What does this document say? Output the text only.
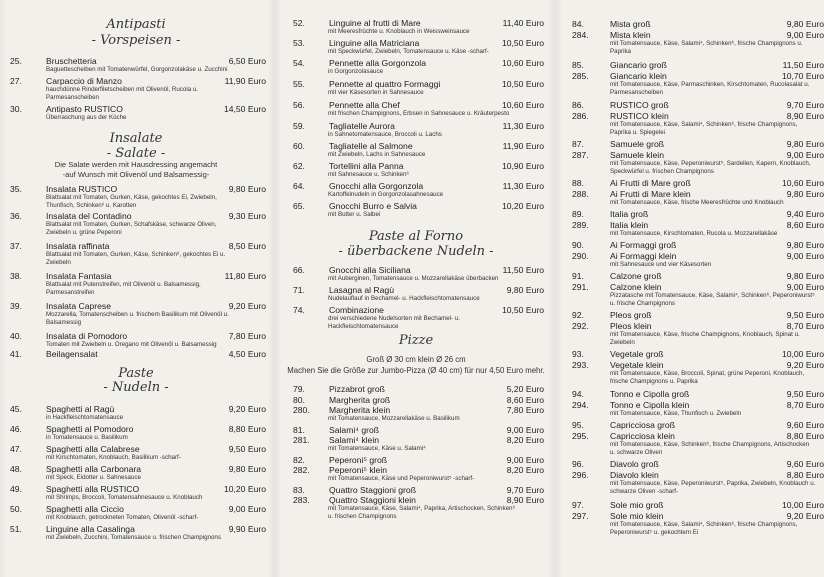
Antipasti
- Vorspeisen -
25.	Bruschetteria	6,50 Euro
Baguettescheiben mit Tomatenwürfel, Gorgonzolakäse u. Zucchini
27.	Carpaccio di Manzo	11,90 Euro
hauchdünne Rinderfiletscheiben mit Olivenöl, Rucola u. Parmesanscheiben
30.	Antipasto RUSTICO	14,50 Euro
Überraschung aus der Küche
Insalate
- Salate -
Die Salate werden mit Hausdressing angemacht
-auf Wunsch mit Olivenöl und Balsamessig-
35.	Insalata RUSTICO	9,80 Euro
Blattsalat mit Tomaten, Gurken, Käse, gekochtes Ei, Zwiebeln, Thunfisch, Schinken⁶ u. Karotten
36.	Insalata del Contadino	9,30 Euro
Blattsalat mit Tomaten, Gurken, Schafskäse, schwarze Oliven, Zwiebeln u. grüne Peperoni
37.	Insalata raffinata	8,50 Euro
Blattsalat mit Tomaten, Gurken, Käse, Schinken⁶, gekochtes Ei u. Zwiebeln
38.	Insalata Fantasia	11,80 Euro
Blattsalat mit Putenstreifen, mit Olivenöl u. Balsamessig, Parmesanstreifen
39.	Insalata Caprese	9,20 Euro
Mozzarella, Tomatenscheiben u. frischem Basilikum mit Olivenöl u. Balsamessig
40.	Insalata di Pomodoro	7,80 Euro
Tomaten mit Zwiebeln u. Oregano mit Olivenöl u. Balsamessig
41.	Beilagensalat	4,50 Euro
Paste
- Nudeln -
45.	Spaghetti al Ragù	9,20 Euro
in Hackfleischtomatensauce
46.	Spaghetti al Pomodoro	8,80 Euro
in Tomatensauce u. Basilikum
47.	Spaghetti alla Calabrese	9,50 Euro
mit Kirschtomaten, Knoblauch, Basilikum -scharf-
48.	Spaghetti alla Carbonara	9,80 Euro
mit Speck, Eidotter u. Sahnesauce
49.	Spaghetti alla RUSTICO	10,20 Euro
mit Shrimps, Broccoli, Tomatensahnesauce u. Knoblauch
50.	Spaghetti alla Ciccio	9,00 Euro
mit Knoblauch, getrockneten Tomaten, Olivenöl -scharf-
51.	Linguine alla Casalinga	9,90 Euro
mit Zwiebeln, Zucchini, Tomatensauce u. frischen Champignons
52.	Linguine al frutti di Mare	11,40 Euro
mit Meeresfrüchte u. Knoblauch in Weissweinsauce
53.	Linguine alla Matriciana	10,50 Euro
mit Speckwürfel, Zwiebeln, Tomatensauce u. Käse -scharf-
54.	Pennette alla Gorgonzola	10,60 Euro
in Gorgonzolasauce
55.	Pennette al quattro Formaggi	10,50 Euro
mit vier Käsesorten in Sahnesauce
56.	Pennette alla Chef	10,60 Euro
mit frischen Champignons, Erbsen in Sahnesauce u. Kräuterpesto
59.	Tagliatelle Aurora	11,30 Euro
in Sahnetomatensauce, Broccoli u. Lachs
60.	Tagliatelle al Salmone	11,90 Euro
mit Zwiebeln, Lachs in Sahnesauce
62.	Tortellini alla Panna	10,90 Euro
mit Sahnesauce u. Schinken⁶
64.	Gnocchi alla Gorgonzola	11,30 Euro
Kartoffelnudeln in Gorgonzolasahnesauce
65.	Gnocchi Burro e Salvia	10,20 Euro
mit Butter u. Salbei
Paste al Forno
- überbackene Nudeln -
66.	Gnocchi alla Siciliana	11,50 Euro
mit Auberginen, Tomatensauce u. Mozzarellakäse überbacken
71.	Lasagna al Ragù	9,80 Euro
Nudelauflauf in Bechamel- u. Hackfleischtomatensauce
74.	Combinazione	10,50 Euro
drei verschiedene Nudelsorten mit Bechamel- u. Hackfleischtomatensauce
Pizze
Groß Ø 30 cm klein Ø 26 cm
Machen Sie die Größe zur Jumbo-Pizza (Ø 40 cm) für nur 4,50 Euro mehr.
79.	Pizzabrot groß	5,20 Euro
80.	Margherita groß	8,60 Euro
280. Margherita klein	7,80 Euro
mit Tomatensauce, Mozzarellakäse u. Basilikum
81.	Salami⁴ groß	9,00 Euro
281. Salami⁴ klein	8,20 Euro
mit Tomatensauce, Käse u. Salami⁴
82.	Peperoni⁵ groß	9,00 Euro
282. Peperoni⁵ klein	8,20 Euro
mit Tomatensauce, Käse und Peperoniwurst⁵ -scharf-
83.	Quattro Staggioni groß	9,70 Euro
283. Quattro Staggioni klein	8,90 Euro
mit Tomatensauce, Käse, Salami⁴, Paprika, Artischocken, Schinken⁶ u. frischen Champignons
84.	Mista groß	9,80 Euro
284. Mista klein	9,00 Euro
mit Tomatensauce, Käse, Salami⁴, Schinken⁶, frische Champignons u. Paprika
85.	Giancario groß	11,50 Euro
285. Giancario klein	10,70 Euro
mit Tomatensauce, Käse, Parmaschinken, Kirschtomaten, Rucolasalat u. Parmesanscheiben
86.	RUSTICO groß	9,70 Euro
286. RUSTICO klein	8,90 Euro
mit Tomatensauce, Käse, Salami⁴, Schinken⁶, frische Champignons, Paprika u. Spiegelei
87.	Samuele groß	9,80 Euro
287. Samuele klein	9,00 Euro
mit Tomatensauce, Käse, Peperoniwurst⁵, Sardellen, Kapern, Knoblauch, Speckwürfel u. frischen Champignons
88.	Ai Frutti di Mare groß	10,60 Euro
288. Ai Frutti di Mare klein	9,80 Euro
mit Tomatensauce, Käse, frische Meeresfrüchte und Knoblauch
89.	Italia groß	9,40 Euro
289. Italia klein	8,60 Euro
mit Tomatensauce, Kirschtomaten, Rucola u. Mozzarellakäse
90.	Ai Formaggi groß	9,80 Euro
290. Ai Formaggi klein	9,00 Euro
mit Sahnesauce und vier Käsesorten
91.	Calzone groß	9,80 Euro
291. Calzone klein	9,00 Euro
Pizzatasche mit Tomatensauce, Käse, Salami⁴, Schinken⁶, Peperoniwurst⁵ u. frische Champignons
92.	Pleos groß	9,50 Euro
292. Pleos klein	8,70 Euro
mit Tomatensauce, Käse, frische Champignons, Knoblauch, Spinat u. Zwiebeln
93.	Vegetale groß	10,00 Euro
293. Vegetale klein	9,20 Euro
mit Tomatensauce, Käse, Broccoli, Spinat, grüne Peperoni, Knoblauch, frische Champignons u. Paprika
94.	Tonno e Cipolla groß	9,50 Euro
294. Tonno e Cipolla klein	8,70 Euro
mit Tomatensauce, Käse, Thunfisch u. Zwiebeln
95.	Capricciosa groß	9,60 Euro
295. Capricciosa klein	8,80 Euro
mit Tomatensauce, Käse, Schinken⁶, frische Champignons, Artischocken u. schwarze Oliven
96.	Diavolo groß	9,60 Euro
296. Diavolo klein	8,80 Euro
mit Tomatensauce, Käse, Peperoniwurst⁵, Paprika, Zwiebeln, Knoblauch u. schwarze Oliven -scharf-
97.	Sole mio groß	10,00 Euro
297. Sole mio klein	9,20 Euro
mit Tomatensauce, Käse, Salami⁴, Schinken⁶, frische Champignons, Peperoniwurst⁵ u. gekochtem Ei
